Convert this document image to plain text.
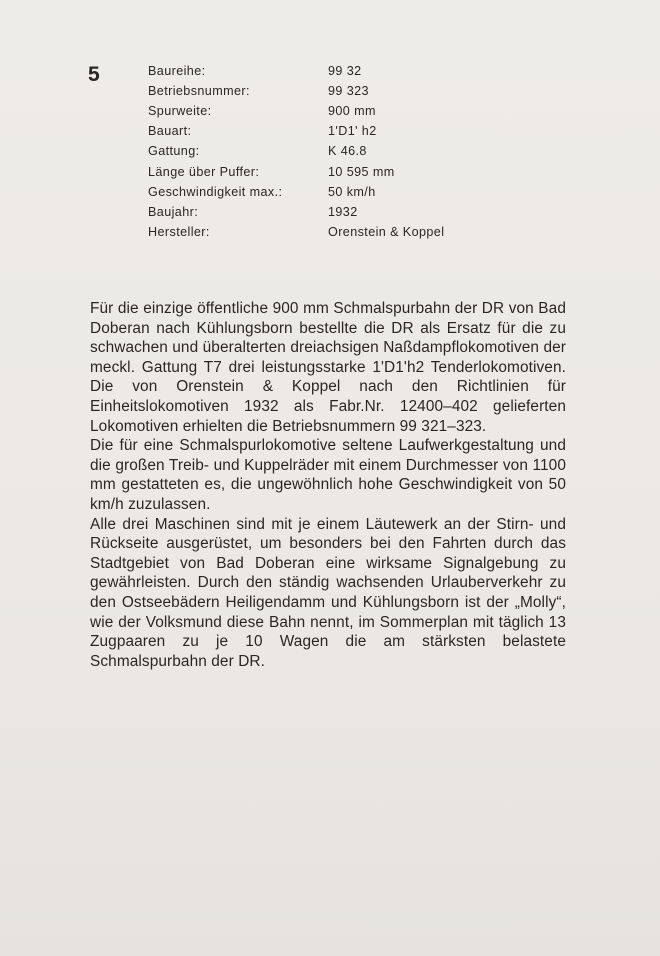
5	Baureihe:	99 32
Betriebsnummer:	99 323
Spurweite:	900 mm
Bauart:	1'D1' h2
Gattung:	K 46.8
Länge über Puffer:	10 595 mm
Geschwindigkeit max.:	50 km/h
Baujahr:	1932
Hersteller:	Orenstein & Koppel

Für die einzige öffentliche 900 mm Schmalspurbahn der DR von Bad Doberan nach Kühlungsborn bestellte die DR als Ersatz für die zu schwachen und überalterten dreiachsigen Naßdampflokomotiven der meckl. Gattung T7 drei leistungsstarke 1'D1'h2 Tenderlokomotiven. Die von Orenstein & Koppel nach den Richtlinien für Einheitslokomotiven 1932 als Fabr.Nr. 12400–402 gelieferten Lokomotiven erhielten die Betriebsnummern 99 321–323.

Die für eine Schmalspurlokomotive seltene Laufwerkgestaltung und die großen Treib- und Kuppelräder mit einem Durchmesser von 1100 mm gestatteten es, die ungewöhnlich hohe Geschwindigkeit von 50 km/h zuzulassen.

Alle drei Maschinen sind mit je einem Läutewerk an der Stirn- und Rückseite ausgerüstet, um besonders bei den Fahrten durch das Stadtgebiet von Bad Doberan eine wirksame Signalgebung zu gewährleisten. Durch den ständig wachsenden Urlauberverkehr zu den Ostseebädern Heiligendamm und Kühlungsborn ist der „Molly“, wie der Volksmund diese Bahn nennt, im Sommerplan mit täglich 13 Zugpaaren zu je 10 Wagen die am stärksten belastete Schmalspurbahn der DR.
